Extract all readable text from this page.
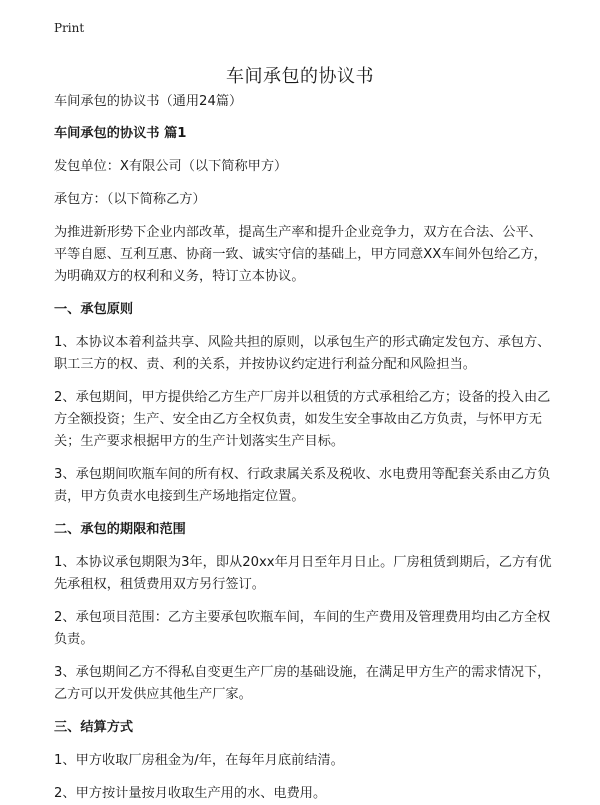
Print
车间承包的协议书

车间承包的协议书（通用24篇）

车间承包的协议书 篇1

发包单位：X有限公司（以下简称甲方）

承包方：（以下简称乙方）

为推进新形势下企业内部改革，提高生产率和提升企业竞争力，双方在合法、公平、平等自愿、互利互惠、协商一致、诚实守信的基础上，甲方同意XX车间外包给乙方，为明确双方的权利和义务，特订立本协议。

一、承包原则

1、本协议本着利益共享、风险共担的原则，以承包生产的形式确定发包方、承包方、职工三方的权、责、利的关系，并按协议约定进行利益分配和风险担当。

2、承包期间，甲方提供给乙方生产厂房并以租赁的方式承租给乙方；设备的投入由乙方全额投资；生产、安全由乙方全权负责，如发生安全事故由乙方负责，与怀甲方无关；生产要求根据甲方的生产计划落实生产目标。

3、承包期间吹瓶车间的所有权、行政隶属关系及税收、水电费用等配套关系由乙方负责，甲方负责水电接到生产场地指定位置。

二、承包的期限和范围

1、本协议承包期限为3年，即从20xx年月日至年月日止。厂房租赁到期后，乙方有优先承租权，租赁费用双方另行签订。

2、承包项目范围：乙方主要承包吹瓶车间，车间的生产费用及管理费用均由乙方全权负责。

3、承包期间乙方不得私自变更生产厂房的基础设施，在满足甲方生产的需求情况下，乙方可以开发供应其他生产厂家。

三、结算方式

1、甲方收取厂房租金为/年，在每年月底前结清。

2、甲方按计量按月收取生产用的水、电费用。
